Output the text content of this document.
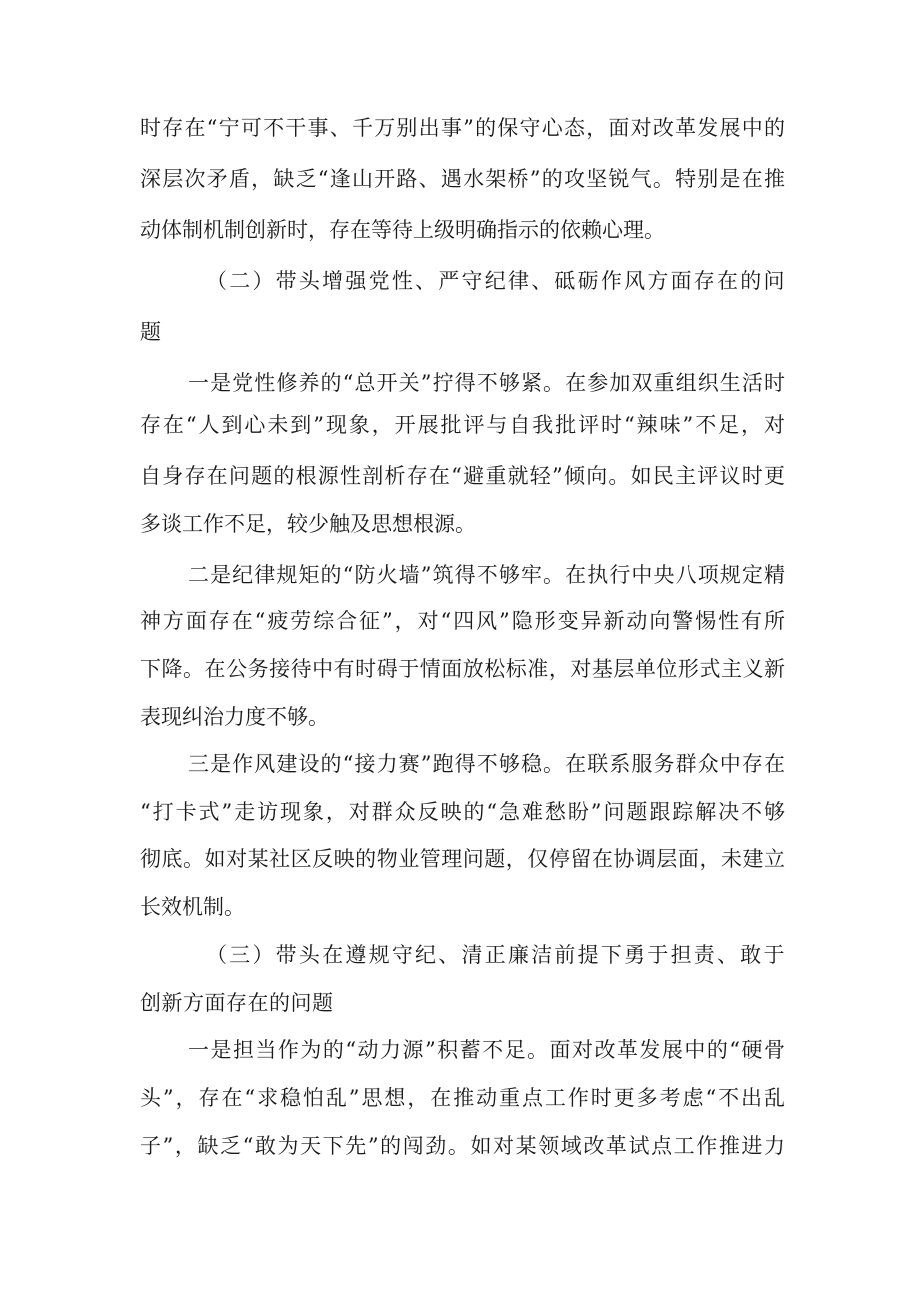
时存在“宁可不干事、千万别出事”的保守心态，面对改革发展中的
深层次矛盾，缺乏“逢山开路、遇水架桥”的攻坚锐气。特别是在推
动体制机制创新时，存在等待上级明确指示的依赖心理。
（二）带头增强党性、严守纪律、砥砺作风方面存在的问
题
一是党性修养的“总开关”拧得不够紧。在参加双重组织生活时
存在“人到心未到”现象，开展批评与自我批评时“辣味”不足，对
自身存在问题的根源性剖析存在“避重就轻”倾向。如民主评议时更
多谈工作不足，较少触及思想根源。
二是纪律规矩的“防火墙”筑得不够牢。在执行中央八项规定精
神方面存在“疲劳综合征”，对“四风”隐形变异新动向警惕性有所
下降。在公务接待中有时碍于情面放松标准，对基层单位形式主义新
表现纠治力度不够。
三是作风建设的“接力赛”跑得不够稳。在联系服务群众中存在
“打卡式”走访现象，对群众反映的“急难愁盼”问题跟踪解决不够
彻底。如对某社区反映的物业管理问题，仅停留在协调层面，未建立
长效机制。
（三）带头在遵规守纪、清正廉洁前提下勇于担责、敢于
创新方面存在的问题
一是担当作为的“动力源”积蓄不足。面对改革发展中的“硬骨
头”，存在“求稳怕乱”思想，在推动重点工作时更多考虑“不出乱
子”，缺乏“敢为天下先”的闯劲。如对某领域改革试点工作推进力
